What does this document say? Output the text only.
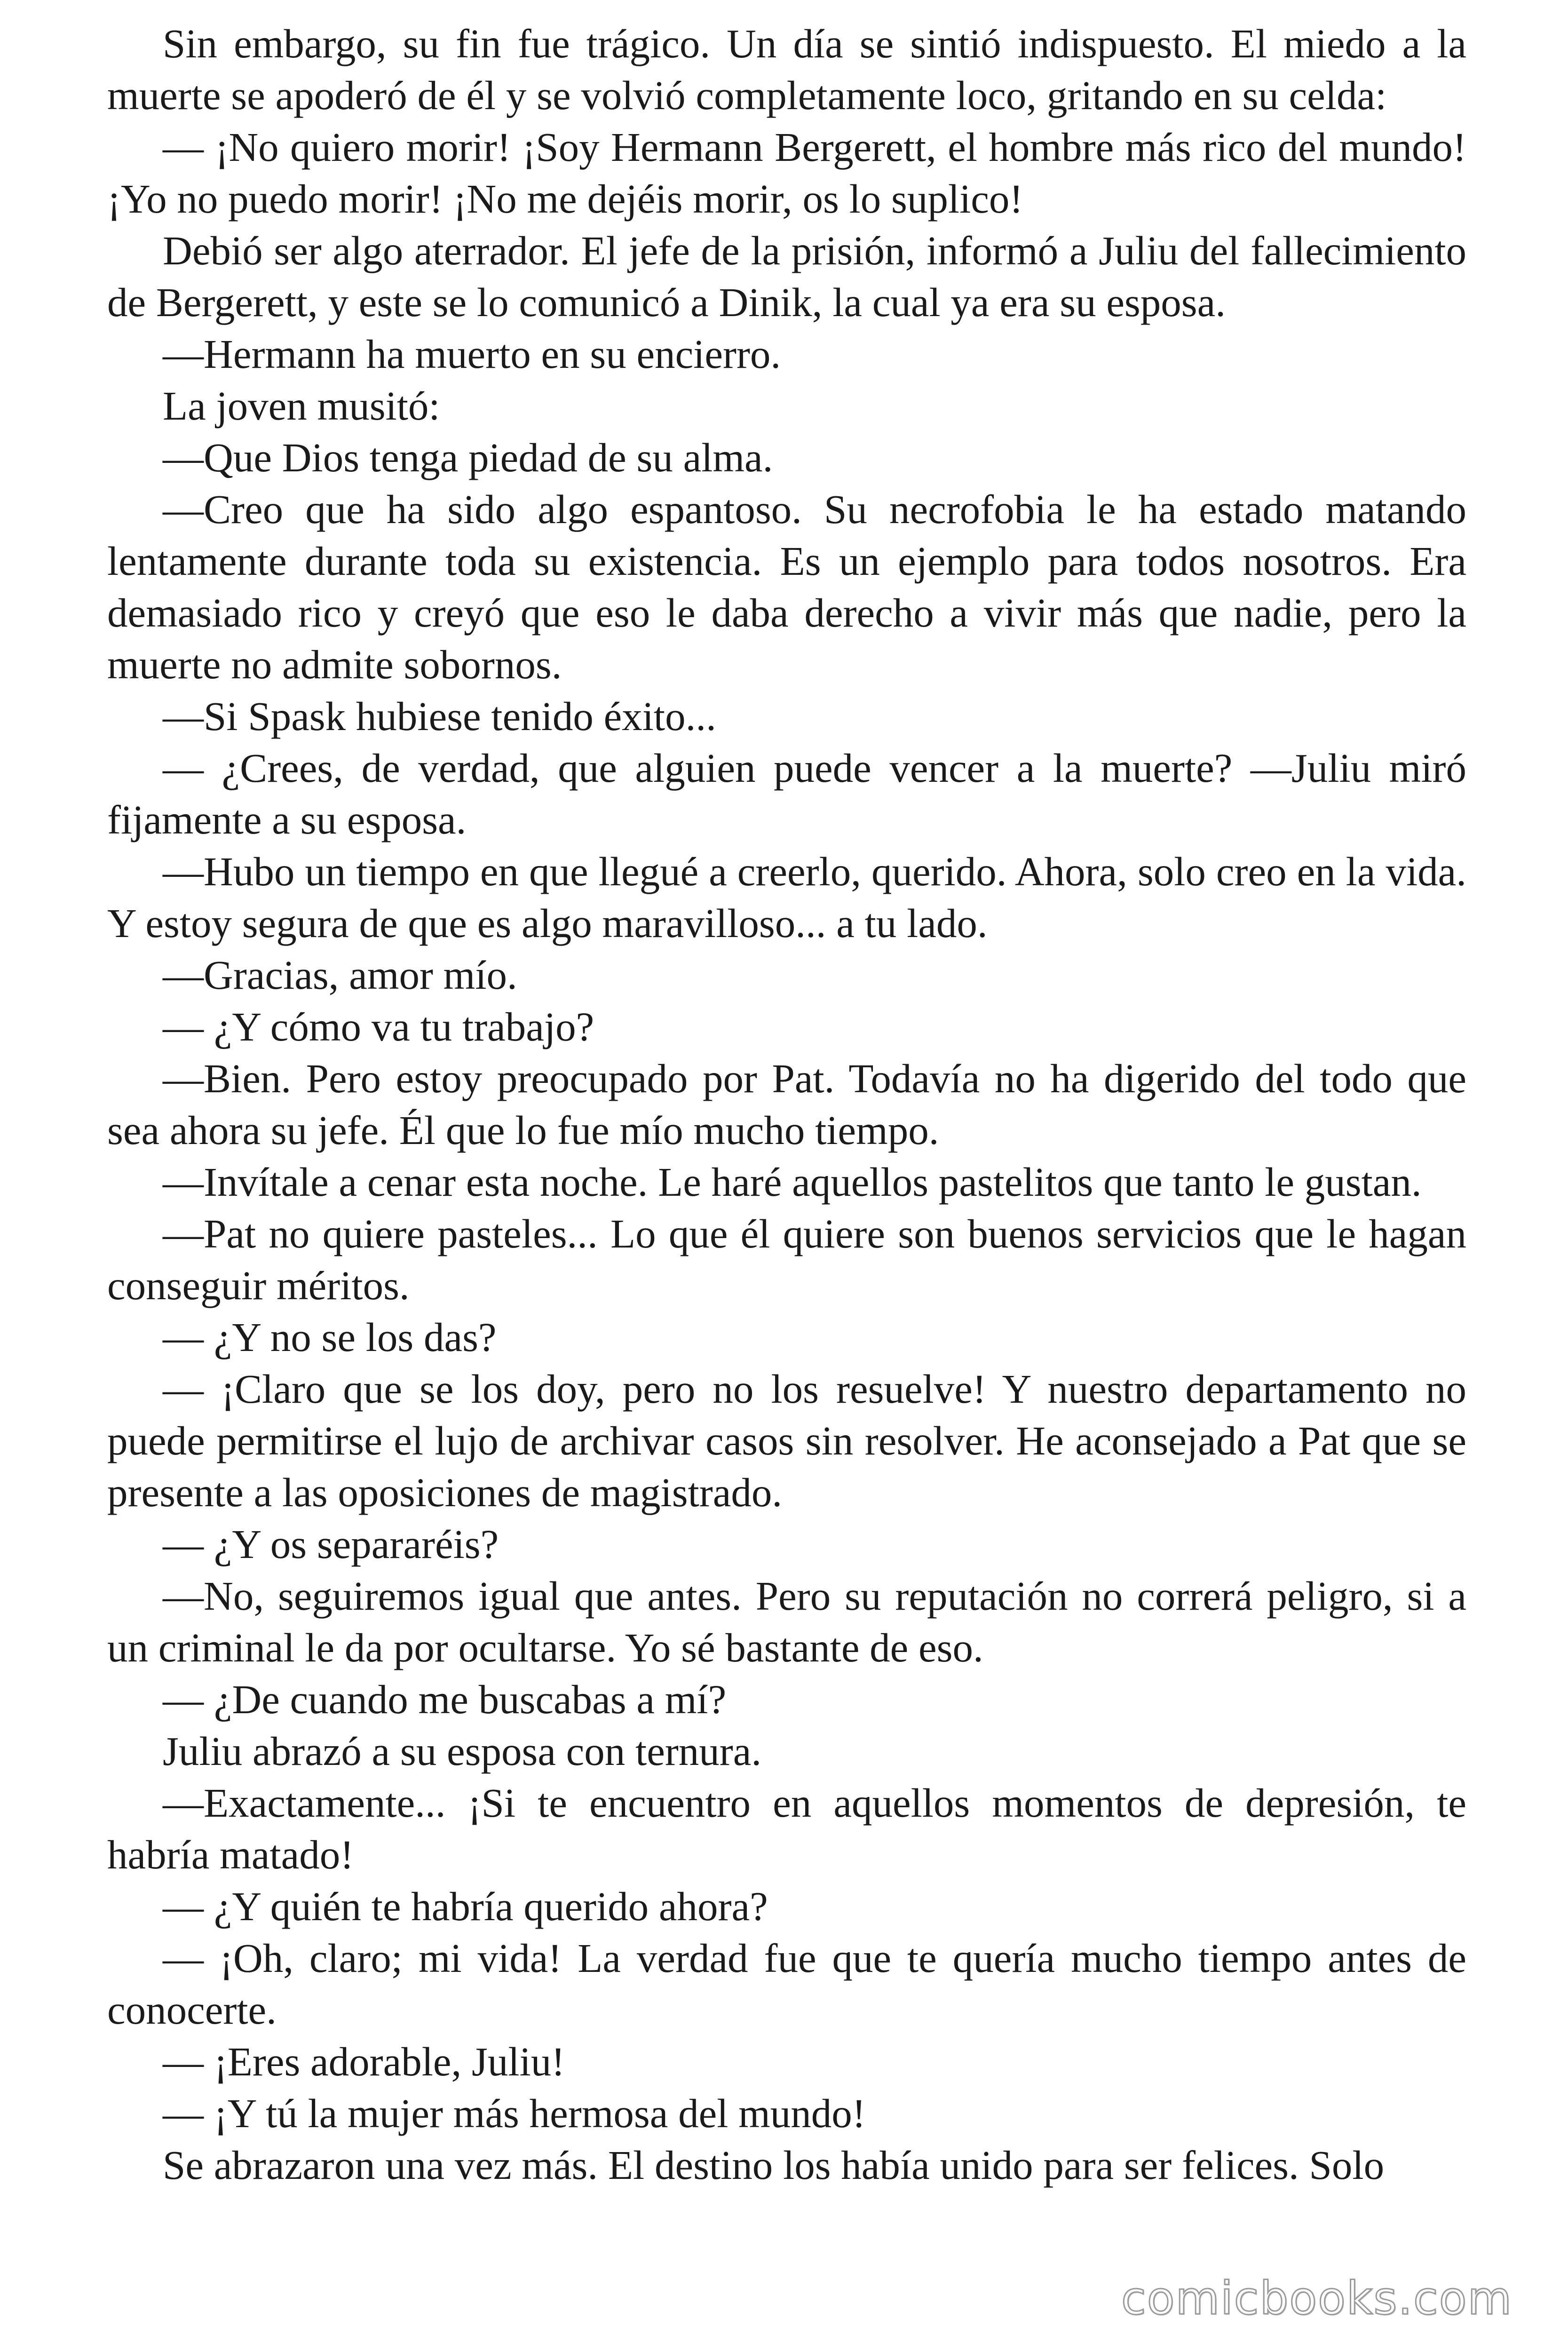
Sin embargo, su fin fue trágico. Un día se sintió indispuesto. El miedo a la muerte se apoderó de él y se volvió completamente loco, gritando en su celda:

— ¡No quiero morir! ¡Soy Hermann Bergerett, el hombre más rico del mundo! ¡Yo no puedo morir! ¡No me dejéis morir, os lo suplico!

Debió ser algo aterrador. El jefe de la prisión, informó a Juliu del fallecimiento de Bergerett, y este se lo comunicó a Dinik, la cual ya era su esposa.

—Hermann ha muerto en su encierro.

La joven musitó:

—Que Dios tenga piedad de su alma.

—Creo que ha sido algo espantoso. Su necrofobia le ha estado matando lentamente durante toda su existencia. Es un ejemplo para todos nosotros. Era demasiado rico y creyó que eso le daba derecho a vivir más que nadie, pero la muerte no admite sobornos.

—Si Spask hubiese tenido éxito...

— ¿Crees, de verdad, que alguien puede vencer a la muerte? —Juliu miró fijamente a su esposa.

—Hubo un tiempo en que llegué a creerlo, querido. Ahora, solo creo en la vida. Y estoy segura de que es algo maravilloso... a tu lado.

—Gracias, amor mío.

— ¿Y cómo va tu trabajo?

—Bien. Pero estoy preocupado por Pat. Todavía no ha digerido del todo que sea ahora su jefe. Él que lo fue mío mucho tiempo.

—Invítale a cenar esta noche. Le haré aquellos pastelitos que tanto le gustan.

—Pat no quiere pasteles... Lo que él quiere son buenos servicios que le hagan conseguir méritos.

— ¿Y no se los das?

— ¡Claro que se los doy, pero no los resuelve! Y nuestro departamento no puede permitirse el lujo de archivar casos sin resolver. He aconsejado a Pat que se presente a las oposiciones de magistrado.

— ¿Y os separaréis?

—No, seguiremos igual que antes. Pero su reputación no correrá peligro, si a un criminal le da por ocultarse. Yo sé bastante de eso.

— ¿De cuando me buscabas a mí?

Juliu abrazó a su esposa con ternura.

—Exactamente... ¡Si te encuentro en aquellos momentos de depresión, te habría matado!

— ¿Y quién te habría querido ahora?

— ¡Oh, claro; mi vida! La verdad fue que te quería mucho tiempo antes de conocerte.

— ¡Eres adorable, Juliu!

— ¡Y tú la mujer más hermosa del mundo!

Se abrazaron una vez más. El destino los había unido para ser felices. Solo

comicbooks.com
